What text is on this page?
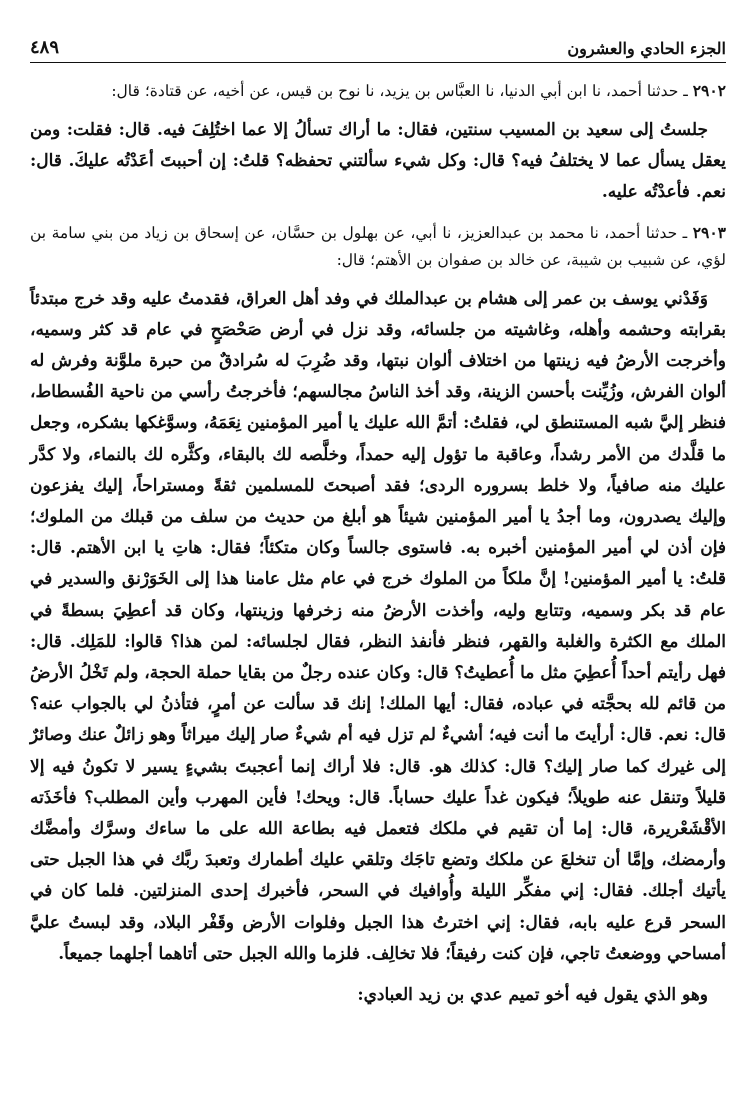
الجزء الحادي والعشرون
٤٨٩

٢٩٠٢ ـ حدثنا أحمد، نا ابن أبي الدنيا، نا العبَّاس بن يزيد، نا نوح بن قيس، عن أخيه، عن قتادة؛ قال:

جلستُ إلى سعيد بن المسيب سنتين، فقال: ما أراك تسألُ إلا عما اختُلِفَ فيه. قال: فقلت: ومن يعقل يسأل عما لا يختلفُ فيه؟ قال: وكل شيء سألتني تحفظه؟ قلتُ: إن أحببتَ أعَدْتُه عليكَ. قال: نعم. فأعدْتُه عليه.

٢٩٠٣ ـ حدثنا أحمد، نا محمد بن عبدالعزيز، نا أبي، عن بهلول بن حسَّان، عن إسحاق بن زياد من بني سامة بن لؤي، عن شبيب بن شيبة، عن خالد بن صفوان بن الأهتم؛ قال:

وَفَدْني يوسف بن عمر إلى هشام بن عبدالملك في وفد أهل العراق، فقدمتُ عليه وقد خرج مبتدئاً بقرابته وحشمه وأهله، وغاشيته من جلسائه، وقد نزل في أرض صَحْصَحٍ في عام قد كثر وسميه، وأخرجت الأرضُ فيه زينتها من اختلاف ألوان نبتها، وقد ضُرِبَ له سُرادقٌ من حبرة ملوَّنة وفرش له ألوان الفرش، وزُيِّنت بأحسن الزينة، وقد أخذ الناسُ مجالسهم؛ فأخرجتُ رأسي من ناحية الفُسطاط، فنظر إليَّ شبه المستنطق لي، فقلتُ: أتمَّ الله عليك يا أمير المؤمنين نِعَمَهُ، وسوَّغكها بشكره، وجعل ما قلَّدك من الأمر رشداً، وعاقبة ما تؤول إليه حمداً، وخلَّصه لك بالبقاء، وكثَّره لك بالنماء، ولا كدَّر عليك منه صافياً، ولا خلط بسروره الردى؛ فقد أصبحتَ للمسلمين ثقةً ومستراحاً، إليك يفزعون وإليك يصدرون، وما أجدُ يا أمير المؤمنين شيئاً هو أبلغ من حديث من سلف من قبلك من الملوك؛ فإن أذن لي أمير المؤمنين أخبره به. فاستوى جالساً وكان متكئاً؛ فقال: هاتِ يا ابن الأهتم. قال: قلتُ: يا أمير المؤمنين! إنَّ ملكاً من الملوك خرج في عام مثل عامنا هذا إلى الخَوَرْنق والسدير في عام قد بكر وسميه، وتتابع وليه، وأخذت الأرضُ منه زخرفها وزينتها، وكان قد أعطِيَ بسطةً في الملك مع الكثرة والغلبة والقهر، فنظر فأنفذ النظر، فقال لجلسائه: لمن هذا؟ قالوا: للمَلِك. قال: فهل رأيتم أحداً أُعطِيَ مثل ما أُعطيتُ؟ قال: وكان عنده رجلٌ من بقايا حملة الحجة، ولم تَخْلُ الأرضُ من قائم لله بحجَّته في عباده، فقال: أيها الملك! إنك قد سألت عن أمرٍ، فتأذنُ لي بالجواب عنه؟ قال: نعم. قال: أرأيتَ ما أنت فيه؛ أشيءٌ لم تزل فيه أم شيءٌ صار إليك ميراثاً وهو زائلٌ عنك وصائرٌ إلى غيرك كما صار إليك؟ قال: كذلك هو. قال: فلا أراك إنما أعجبتَ بشيءٍ يسير لا تكونُ فيه إلا قليلاً وتنقل عنه طويلاً؛ فيكون غداً عليك حساباً. قال: ويحك! فأين المهرب وأين المطلب؟ فأخَذَته الأقْشَعْريرة، قال: إما أن تقيم في ملكك فتعمل فيه بطاعة الله على ما ساءك وسرَّك وأمضَّك وأرمضك، وإمَّا أن تنخلعَ عن ملكك وتضع تاجَك وتلقي عليك أطمارك وتعبدَ ربَّك في هذا الجبل حتى يأتيك أجلك. فقال: إني مفكِّر الليلة وأُوافيك في السحر، فأخبرك إحدى المنزلتين. فلما كان في السحر قرع عليه بابه، فقال: إني اخترتُ هذا الجبل وفلوات الأرض وقَفْر البلاد، وقد لبستُ عليَّ أمساحي ووضعتُ تاجي، فإن كنت رفيقاً؛ فلا تخالِف. فلزما والله الجبل حتى أتاهما أجلهما جميعاً.

وهو الذي يقول فيه أخو تميم عدي بن زيد العبادي:
